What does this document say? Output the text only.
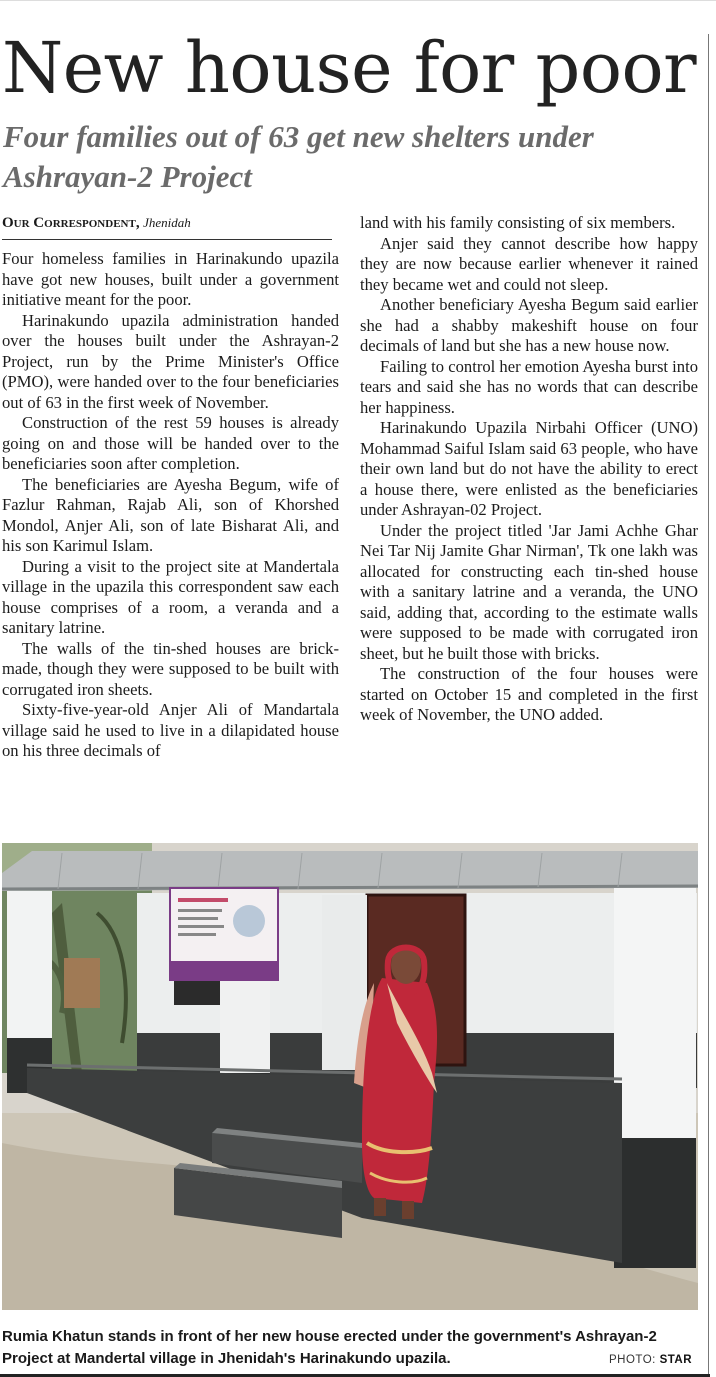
New house for poor
Four families out of 63 get new shelters under Ashrayan-2 Project
Our Correspondent, Jhenidah

Four homeless families in Harinakundo upazila have got new houses, built under a government initiative meant for the poor.

Harinakundo upazila administration handed over the houses built under the Ashrayan-2 Project, run by the Prime Minister's Office (PMO), were handed over to the four beneficiaries out of 63 in the first week of November.

Construction of the rest 59 houses is already going on and those will be handed over to the beneficiaries soon after completion.

The beneficiaries are Ayesha Begum, wife of Fazlur Rahman, Rajab Ali, son of Khorshed Mondol, Anjer Ali, son of late Bisharat Ali, and his son Karimul Islam.

During a visit to the project site at Mandertala village in the upazila this correspondent saw each house comprises of a room, a veranda and a sanitary latrine.

The walls of the tin-shed houses are brick-made, though they were supposed to be built with corrugated iron sheets.

Sixty-five-year-old Anjer Ali of Mandartala village said he used to live in a dilapidated house on his three decimals of

land with his family consisting of six members.

Anjer said they cannot describe how happy they are now because earlier whenever it rained they became wet and could not sleep.

Another beneficiary Ayesha Begum said earlier she had a shabby makeshift house on four decimals of land but she has a new house now.

Failing to control her emotion Ayesha burst into tears and said she has no words that can describe her happiness.

Harinakundo Upazila Nirbahi Officer (UNO) Mohammad Saiful Islam said 63 people, who have their own land but do not have the ability to erect a house there, were enlisted as the beneficiaries under Ashrayan-02 Project.

Under the project titled 'Jar Jami Achhe Ghar Nei Tar Nij Jamite Ghar Nirman', Tk one lakh was allocated for constructing each tin-shed house with a sanitary latrine and a veranda, the UNO said, adding that, according to the estimate walls were supposed to be made with corrugated iron sheet, but he built those with bricks.

The construction of the four houses were started on October 15 and completed in the first week of November, the UNO added.

Rumia Khatun stands in front of her new house erected under the government's Ashrayan-2 Project at Mandertal village in Jhenidah's Harinakundo upazila.	PHOTO: STAR
